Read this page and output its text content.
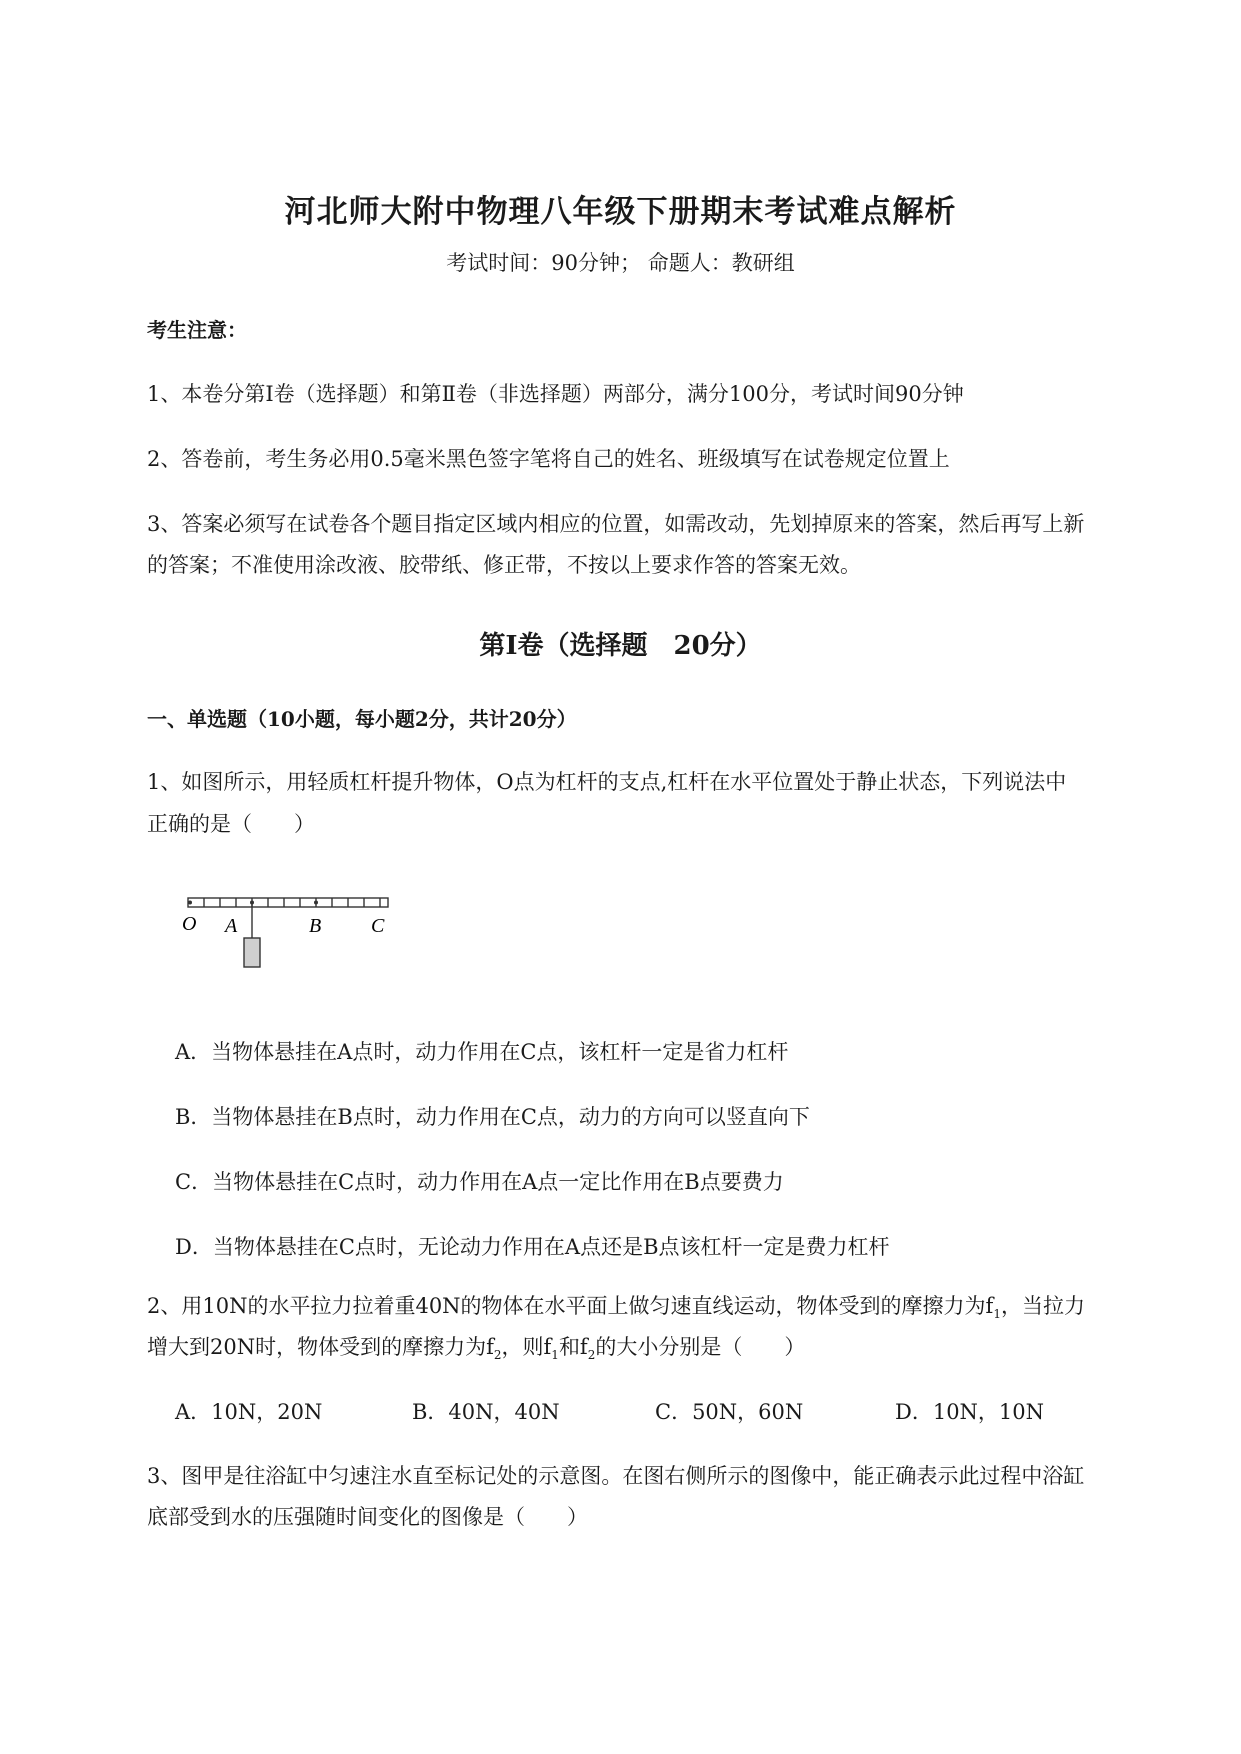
河北师大附中物理八年级下册期末考试难点解析
考试时间：90分钟； 命题人：教研组
考生注意：
1、本卷分第Ⅰ卷（选择题）和第Ⅱ卷（非选择题）两部分，满分100分，考试时间90分钟
2、答卷前，考生务必用0.5毫米黑色签字笔将自己的姓名、班级填写在试卷规定位置上
3、答案必须写在试卷各个题目指定区域内相应的位置，如需改动，先划掉原来的答案，然后再写上新
的答案；不准使用涂改液、胶带纸、修正带，不按以上要求作答的答案无效。
第Ⅰ卷（选择题　20分）
一、单选题（10小题，每小题2分，共计20分）
1、如图所示，用轻质杠杆提升物体，O点为杠杆的支点,杠杆在水平位置处于静止状态，下列说法中
正确的是（　　）
O A	B C
A．当物体悬挂在A点时，动力作用在C点，该杠杆一定是省力杠杆
B．当物体悬挂在B点时，动力作用在C点，动力的方向可以竖直向下
C．当物体悬挂在C点时，动力作用在A点一定比作用在B点要费力
D．当物体悬挂在C点时，无论动力作用在A点还是B点该杠杆一定是费力杠杆
2、用10N的水平拉力拉着重40N的物体在水平面上做匀速直线运动，物体受到的摩擦力为$f_1$，当拉力
增大到20N时，物体受到的摩擦力为$f_2$，则$f_1$和$f_2$的大小分别是（　　）
A．10N，20N	B．40N，40N	C．50N，60N	D．10N，10N
3、图甲是往浴缸中匀速注水直至标记处的示意图。在图右侧所示的图像中，能正确表示此过程中浴缸
底部受到水的压强随时间变化的图像是（　　）
